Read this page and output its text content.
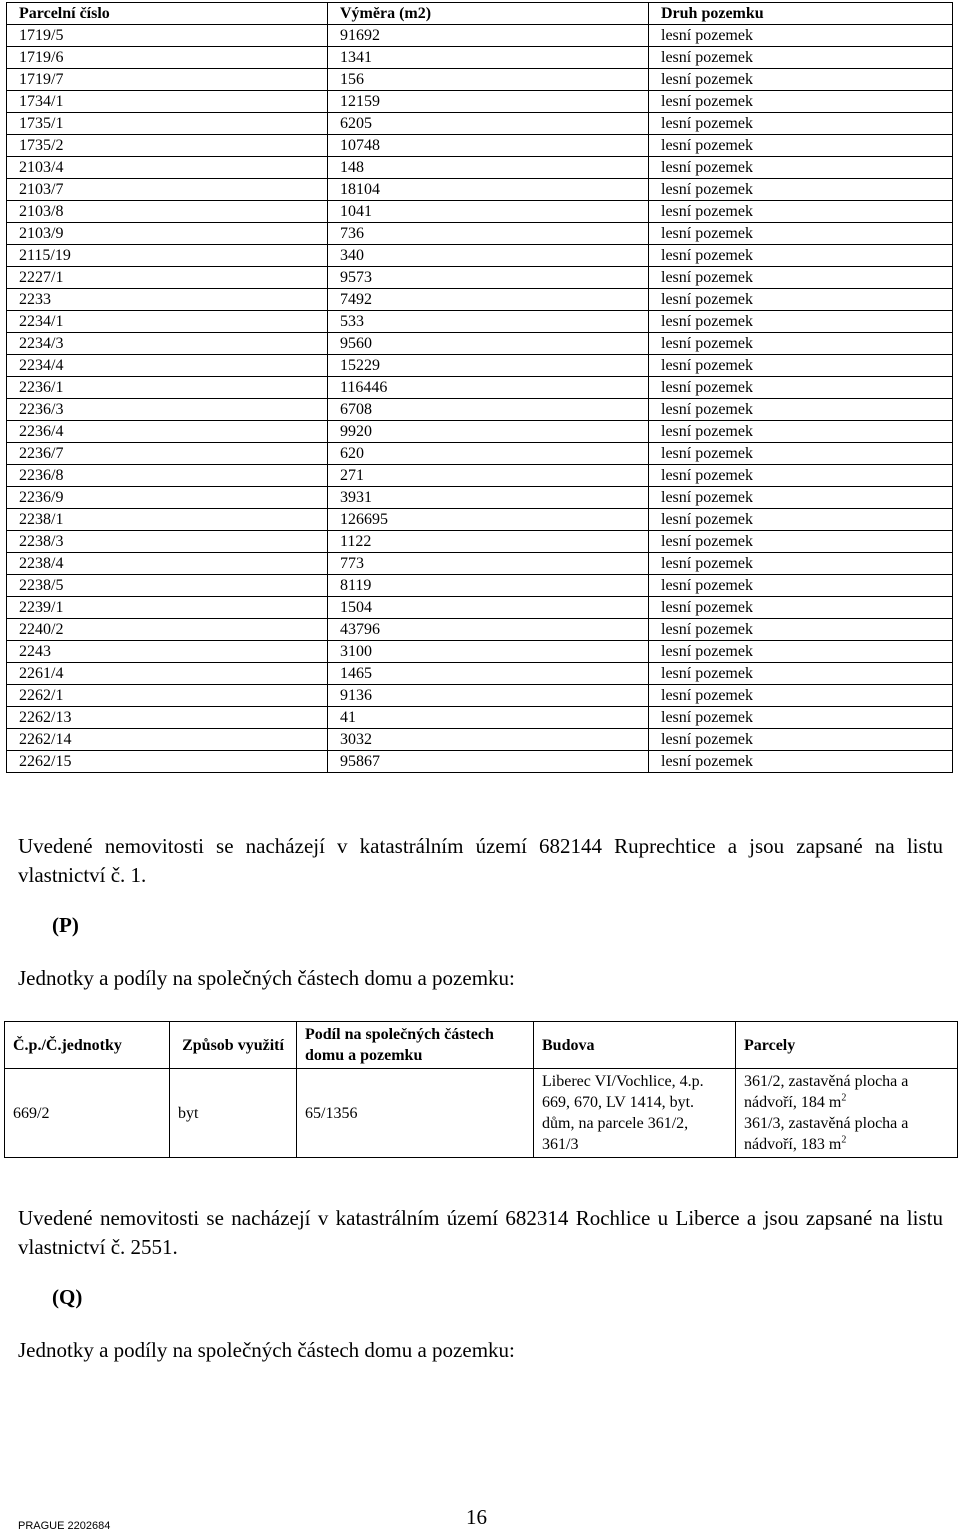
Parcelní číslo	Výměra (m2)	Druh pozemku
1719/5	91692	lesní pozemek
1719/6	1341	lesní pozemek
1719/7	156	lesní pozemek
1734/1	12159	lesní pozemek
1735/1	6205	lesní pozemek
1735/2	10748	lesní pozemek
2103/4	148	lesní pozemek
2103/7	18104	lesní pozemek
2103/8	1041	lesní pozemek
2103/9	736	lesní pozemek
2115/19	340	lesní pozemek
2227/1	9573	lesní pozemek
2233	7492	lesní pozemek
2234/1	533	lesní pozemek
2234/3	9560	lesní pozemek
2234/4	15229	lesní pozemek
2236/1	116446	lesní pozemek
2236/3	6708	lesní pozemek
2236/4	9920	lesní pozemek
2236/7	620	lesní pozemek
2236/8	271	lesní pozemek
2236/9	3931	lesní pozemek
2238/1	126695	lesní pozemek
2238/3	1122	lesní pozemek
2238/4	773	lesní pozemek
2238/5	8119	lesní pozemek
2239/1	1504	lesní pozemek
2240/2	43796	lesní pozemek
2243	3100	lesní pozemek
2261/4	1465	lesní pozemek
2262/1	9136	lesní pozemek
2262/13	41	lesní pozemek
2262/14	3032	lesní pozemek
2262/15	95867	lesní pozemek

Uvedené nemovitosti se nacházejí v katastrálním území 682144 Ruprechtice a jsou zapsané na listu vlastnictví č. 1.

(P)

Jednotky a podíly na společných částech domu a pozemku:

Č.p./Č.jednotky	Způsob využití	Podíl na společných částech domu a pozemku	Budova	Parcely
669/2	byt	65/1356	Liberec VI/Vochlice, 4.p. 669, 670, LV 1414, byt. dům, na parcele 361/2, 361/3	361/2, zastavěná plocha a nádvoří, 184 $m^2$
361/3, zastavěná plocha a nádvoří, 183 $m^2$

Uvedené nemovitosti se nacházejí v katastrálním území 682314 Rochlice u Liberce a jsou zapsané na listu vlastnictví č. 2551.

(Q)

Jednotky a podíly na společných částech domu a pozemku:

PRAGUE 2202684	16
